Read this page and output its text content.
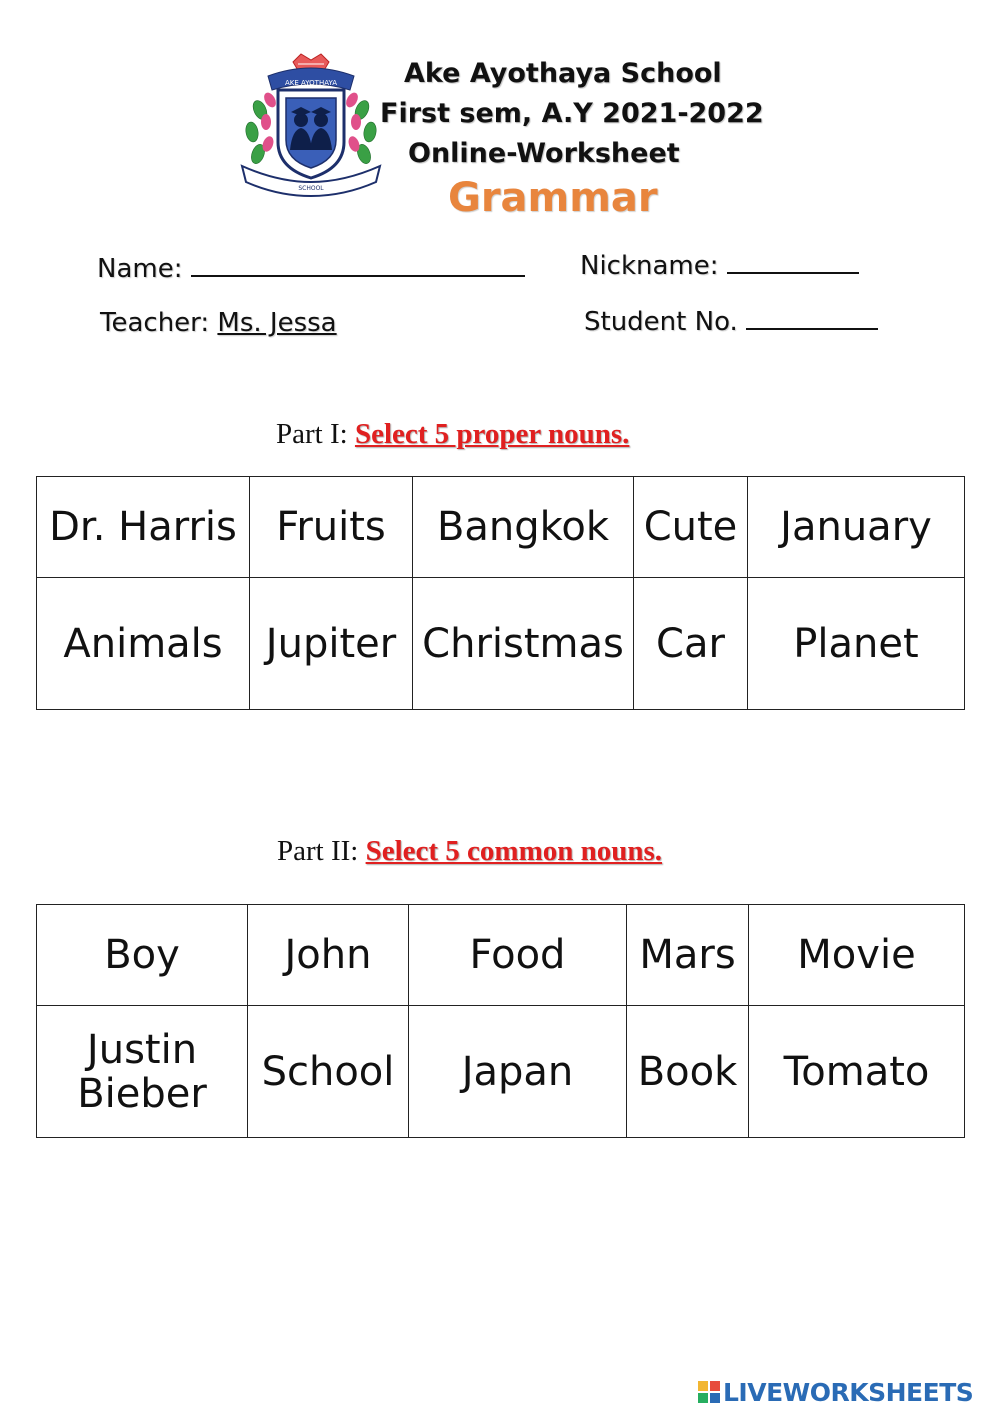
AKE AYOTHAYA
SCHOOL
Ake Ayothaya School
First sem, A.Y 2021-2022
Online-Worksheet
Grammar
Name:	Nickname:
Teacher: Ms. Jessa	Student No.
Part I: Select 5 proper nouns.
Dr. Harris	Fruits	Bangkok	Cute	January
Animals	Jupiter	Christmas	Car	Planet
Part II: Select 5 common nouns.
Boy	John	Food	Mars	Movie
Justin Bieber	School	Japan	Book	Tomato
LIVEWORKSHEETS
